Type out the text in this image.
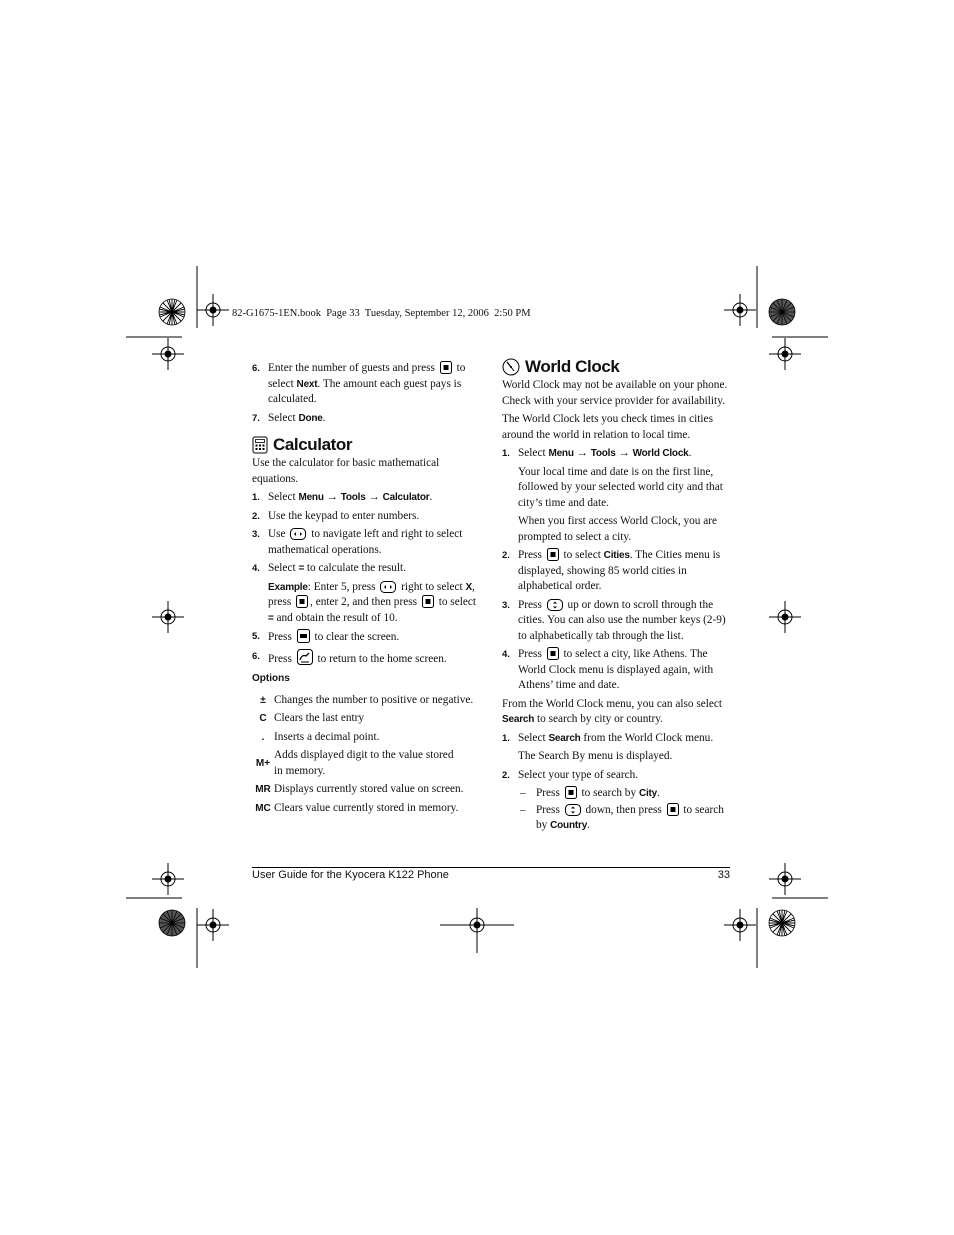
82-G1675-1EN.book  Page 33  Tuesday, September 12, 2006  2:50 PM
6. Enter the number of guests and press to select Next. The amount each guest pays is calculated.
7. Select Done.
Calculator
Use the calculator for basic mathematical equations.
1. Select Menu → Tools → Calculator.
2. Use the keypad to enter numbers.
3. Use to navigate left and right to select mathematical operations.
4. Select = to calculate the result.
Example: Enter 5, press right to select X, press , enter 2, and then press to select = and obtain the result of 10.
5. Press to clear the screen.
6. Press to return to the home screen.
Options
± Changes the number to positive or negative.
C Clears the last entry
. Inserts a decimal point.
M+
Adds displayed digit to the value stored in memory.
MR Displays currently stored value on screen.
MC Clears value currently stored in memory.
World Clock
World Clock may not be available on your phone. Check with your service provider for availability.
The World Clock lets you check times in cities around the world in relation to local time.
1. Select Menu → Tools → World Clock.
Your local time and date is on the first line, followed by your selected world city and that city’s time and date.
When you first access World Clock, you are prompted to select a city.
2. Press to select Cities. The Cities menu is displayed, showing 85 world cities in alphabetical order.
3. Press up or down to scroll through the cities. You can also use the number keys (2-9) to alphabetically tab through the list.
4. Press to select a city, like Athens. The World Clock menu is displayed again, with Athens’ time and date.
From the World Clock menu, you can also select Search to search by city or country.
1. Select Search from the World Clock menu.
The Search By menu is displayed.
2. Select your type of search.
– Press to search by City.
– Press down, then press to search by Country.
User Guide for the Kyocera K122 Phone	33
